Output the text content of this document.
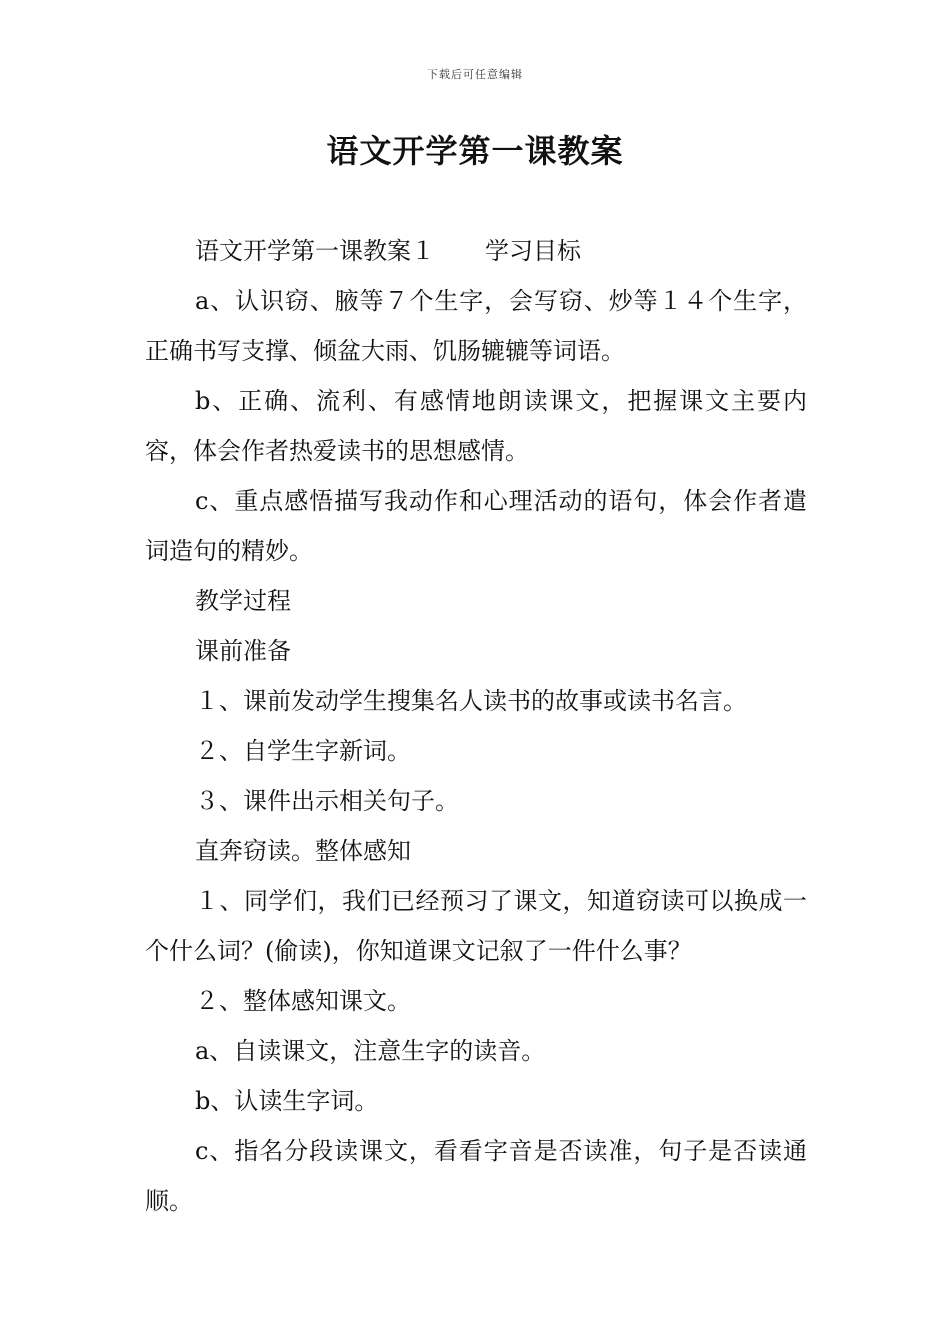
下载后可任意编辑
语文开学第一课教案

语文开学第一课教案１ 学习目标

a、认识窃、腋等７个生字，会写窃、炒等１４个生字，正确书写支撑、倾盆大雨、饥肠辘辘等词语。

b、正确、流利、有感情地朗读课文，把握课文主要内容，体会作者热爱读书的思想感情。

c、重点感悟描写我动作和心理活动的语句，体会作者遣词造句的精妙。

教学过程

课前准备

１、课前发动学生搜集名人读书的故事或读书名言。

２、自学生字新词。

３、课件出示相关句子。

直奔窃读。整体感知

１、同学们，我们已经预习了课文，知道窃读可以换成一个什么词？(偷读)，你知道课文记叙了一件什么事？

２、整体感知课文。

a、自读课文，注意生字的读音。

b、认读生字词。

c、指名分段读课文，看看字音是否读准，句子是否读通顺。
